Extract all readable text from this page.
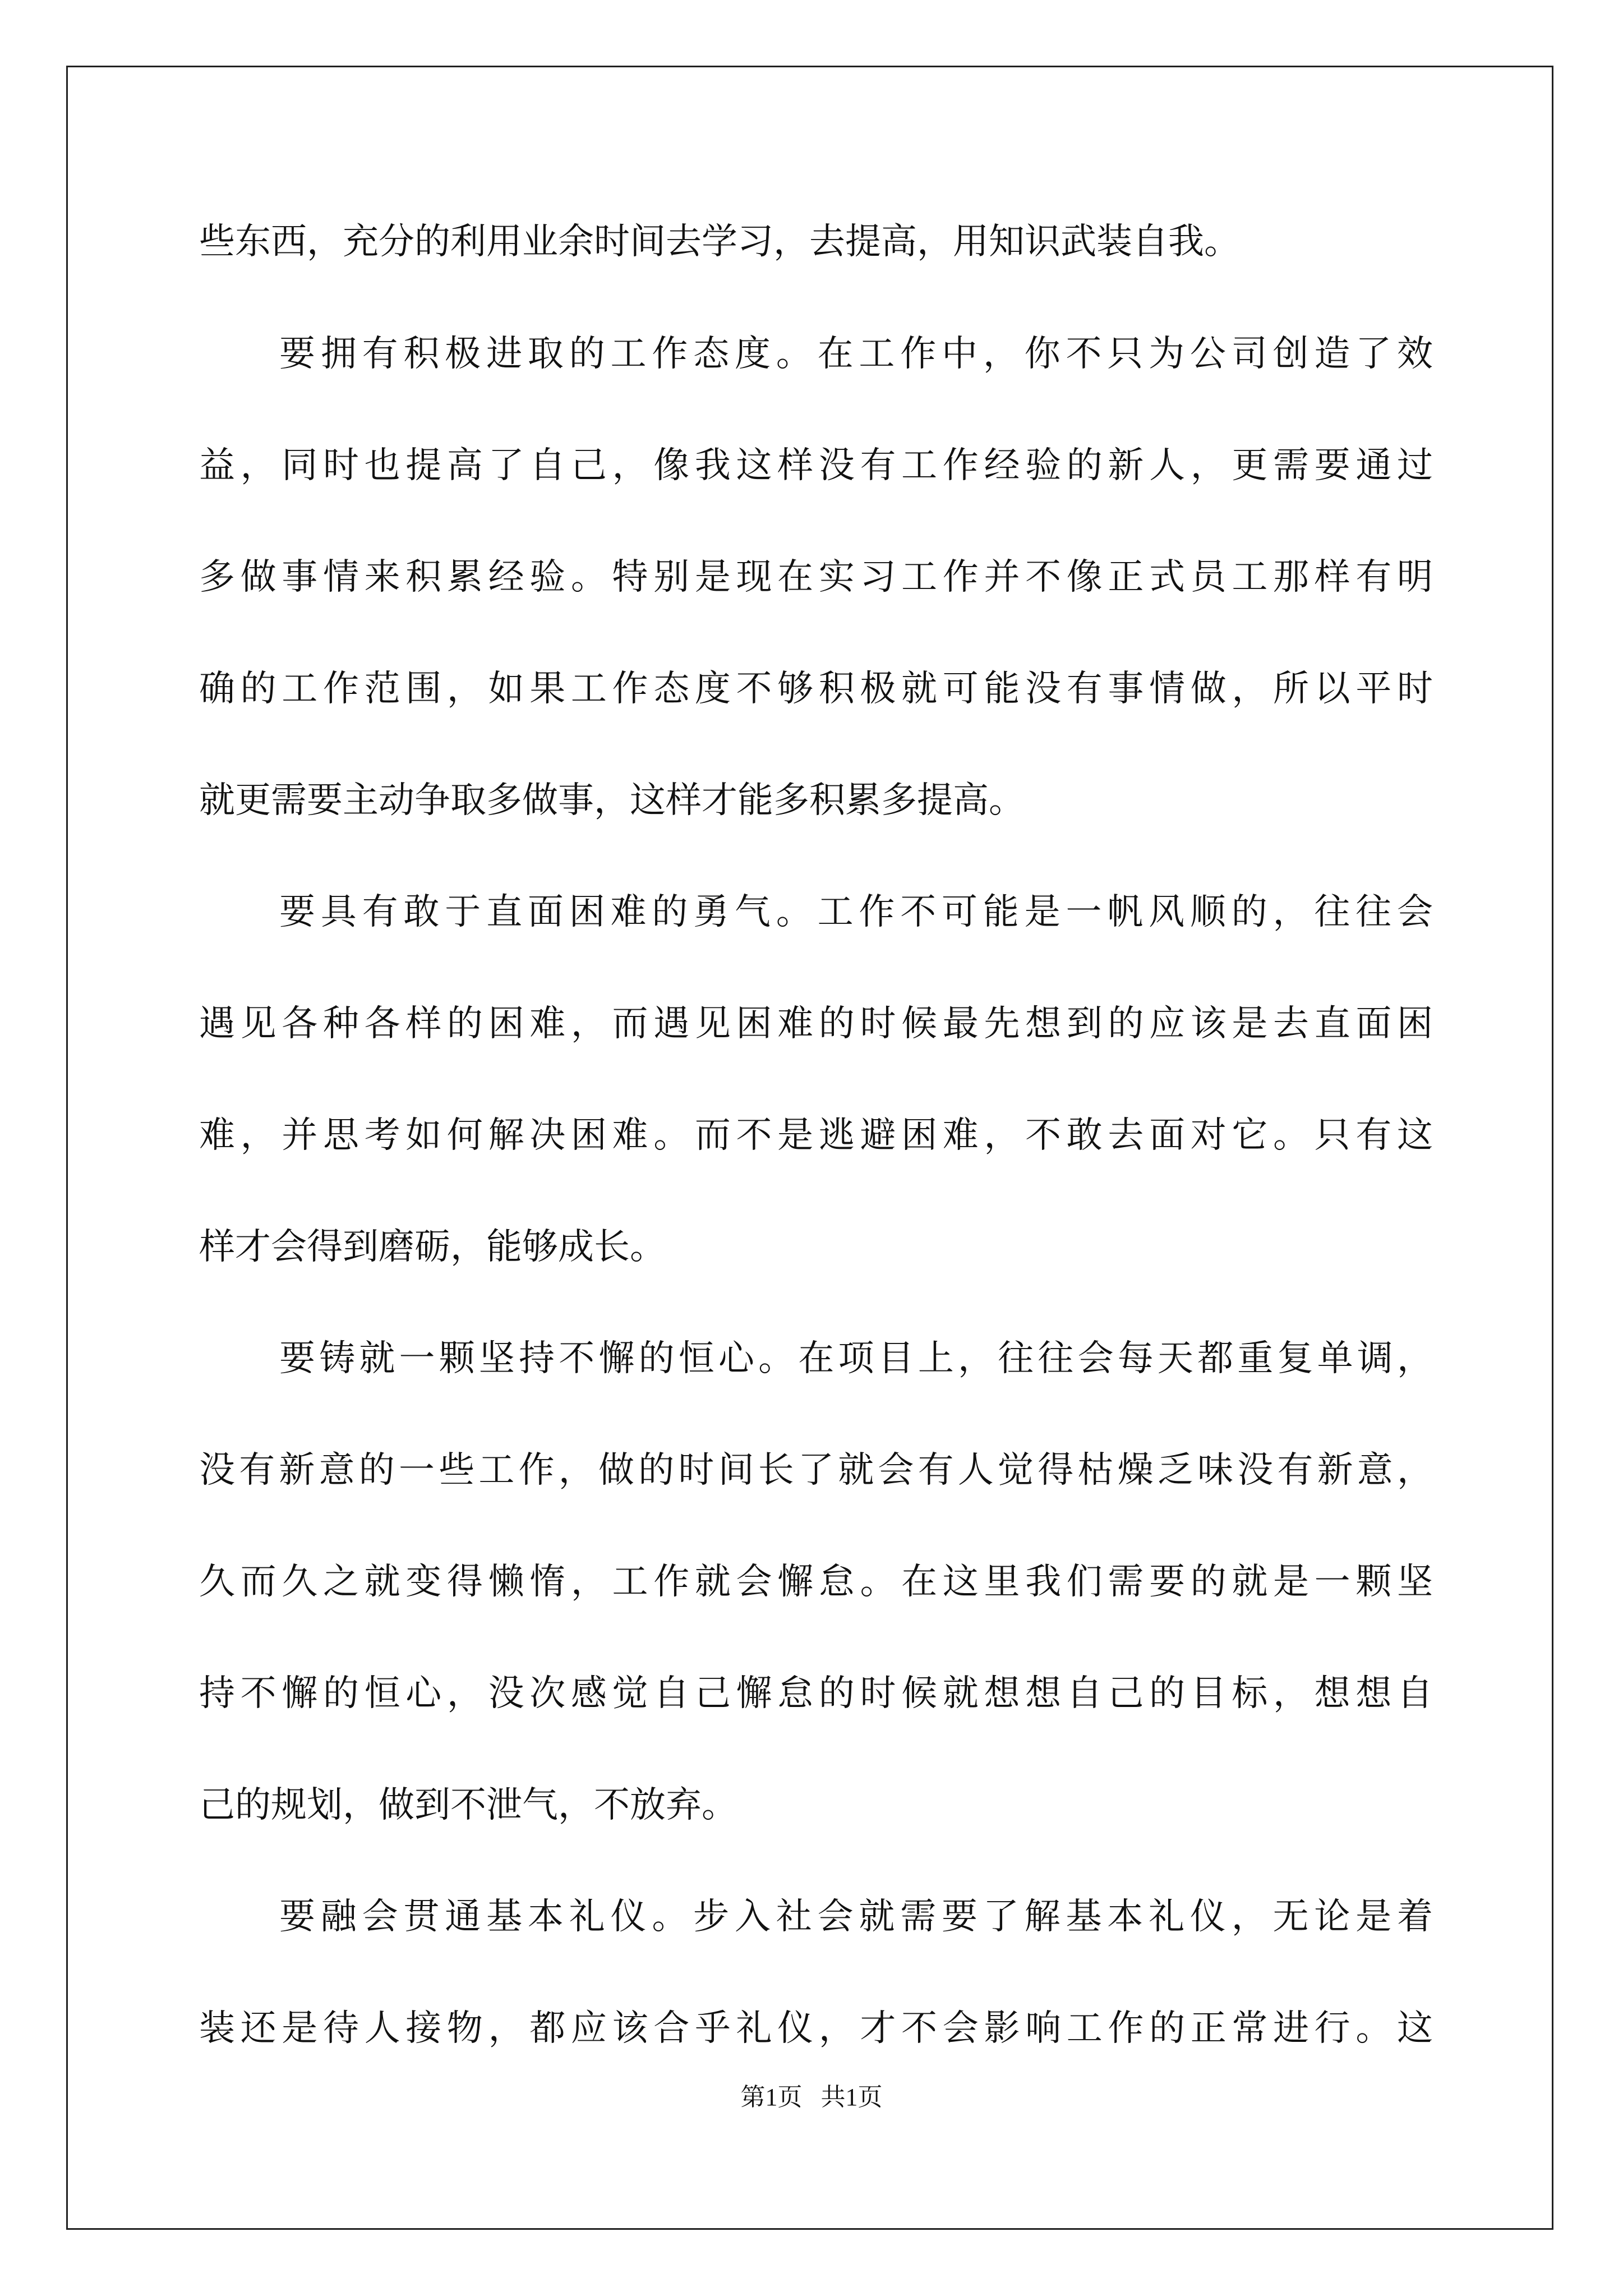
些东西，充分的利用业余时间去学习，去提高，用知识武装自我。
要拥有积极进取的工作态度。在工作中，你不只为公司创造了效
益，同时也提高了自己，像我这样没有工作经验的新人，更需要通过
多做事情来积累经验。特别是现在实习工作并不像正式员工那样有明
确的工作范围，如果工作态度不够积极就可能没有事情做，所以平时
就更需要主动争取多做事，这样才能多积累多提高。
要具有敢于直面困难的勇气。工作不可能是一帆风顺的，往往会
遇见各种各样的困难，而遇见困难的时候最先想到的应该是去直面困
难，并思考如何解决困难。而不是逃避困难，不敢去面对它。只有这
样才会得到磨砺，能够成长。
要铸就一颗坚持不懈的恒心。在项目上，往往会每天都重复单调，
没有新意的一些工作，做的时间长了就会有人觉得枯燥乏味没有新意，
久而久之就变得懒惰，工作就会懈怠。在这里我们需要的就是一颗坚
持不懈的恒心，没次感觉自己懈怠的时候就想想自己的目标，想想自
己的规划，做到不泄气，不放弃。
要融会贯通基本礼仪。步入社会就需要了解基本礼仪，无论是着
装还是待人接物，都应该合乎礼仪，才不会影响工作的正常进行。这
第1页   共1页
